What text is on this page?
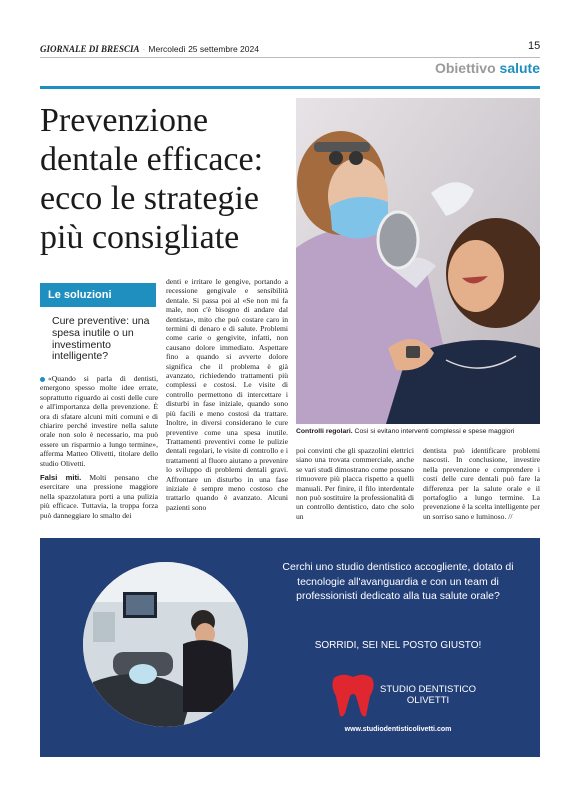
GIORNALE DI BRESCIA · Mercoledì 25 settembre 2024	15
Obiettivo salute
Prevenzione
dentale efficace:
ecco le strategie
più consigliate
Controlli regolari. Così si evitano interventi complessi e spese maggiori
Le soluzioni
Cure preventive: una spesa inutile o un investimento intelligente?

«Quando si parla di dentisti, emergono spesso molte idee errate, soprattutto riguardo ai costi delle cure e all'importanza della prevenzione. È ora di sfatare alcuni miti comuni e di chiarire perché investire nella salute orale non solo è necessario, ma può essere un risparmio a lungo termine», afferma Matteo Olivetti, titolare dello studio Olivetti.

Falsi miti. Molti pensano che esercitare una pressione maggiore nella spazzolatura porti a una pulizia più efficace. Tuttavia, la troppa forza può danneggiare lo smalto dei

denti e irritare le gengive, portando a recessione gengivale e sensibilità dentale. Si passa poi al «Se non mi fa male, non c'è bisogno di andare dal dentista», mito che può costare caro in termini di denaro e di salute. Problemi come carie o gengivite, infatti, non causano dolore immediato. Aspettare fino a quando si avverte dolore significa che il problema è già avanzato, richiedendo trattamenti più complessi e costosi. Le visite di controllo permettono di intercettare i disturbi in fase iniziale, quando sono più facili e meno costosi da trattare. Inoltre, in diversi considerano le cure preventive come una spesa inutile. Trattamenti preventivi come le pulizie dentali regolari, le visite di controllo e i trattamenti al fluoro aiutano a prevenire lo sviluppo di problemi dentali gravi. Affrontare un disturbo in una fase iniziale è sempre meno costoso che trattarlo quando è avanzato. Alcuni pazienti sono

poi convinti che gli spazzolini elettrici siano una trovata commerciale, anche se vari studi dimostrano come possano rimuovere più placca rispetto a quelli manuali. Per finire, il filo interdentale non può sostituire la professionalità di un controllo dentistico, dato che solo un

dentista può identificare problemi nascosti. In conclusione, investire nella prevenzione e comprendere i costi delle cure dentali può fare la differenza per la salute orale e il portafoglio a lungo termine. La prevenzione è la scelta intelligente per un sorriso sano e luminoso. //

Cerchi uno studio dentistico accogliente, dotato di tecnologie all'avanguardia e con un team di professionisti dedicato alla tua salute orale?
SORRIDI, SEI NEL POSTO GIUSTO!
STUDIO DENTISTICO
OLIVETTI
www.studiodentisticolivetti.com
